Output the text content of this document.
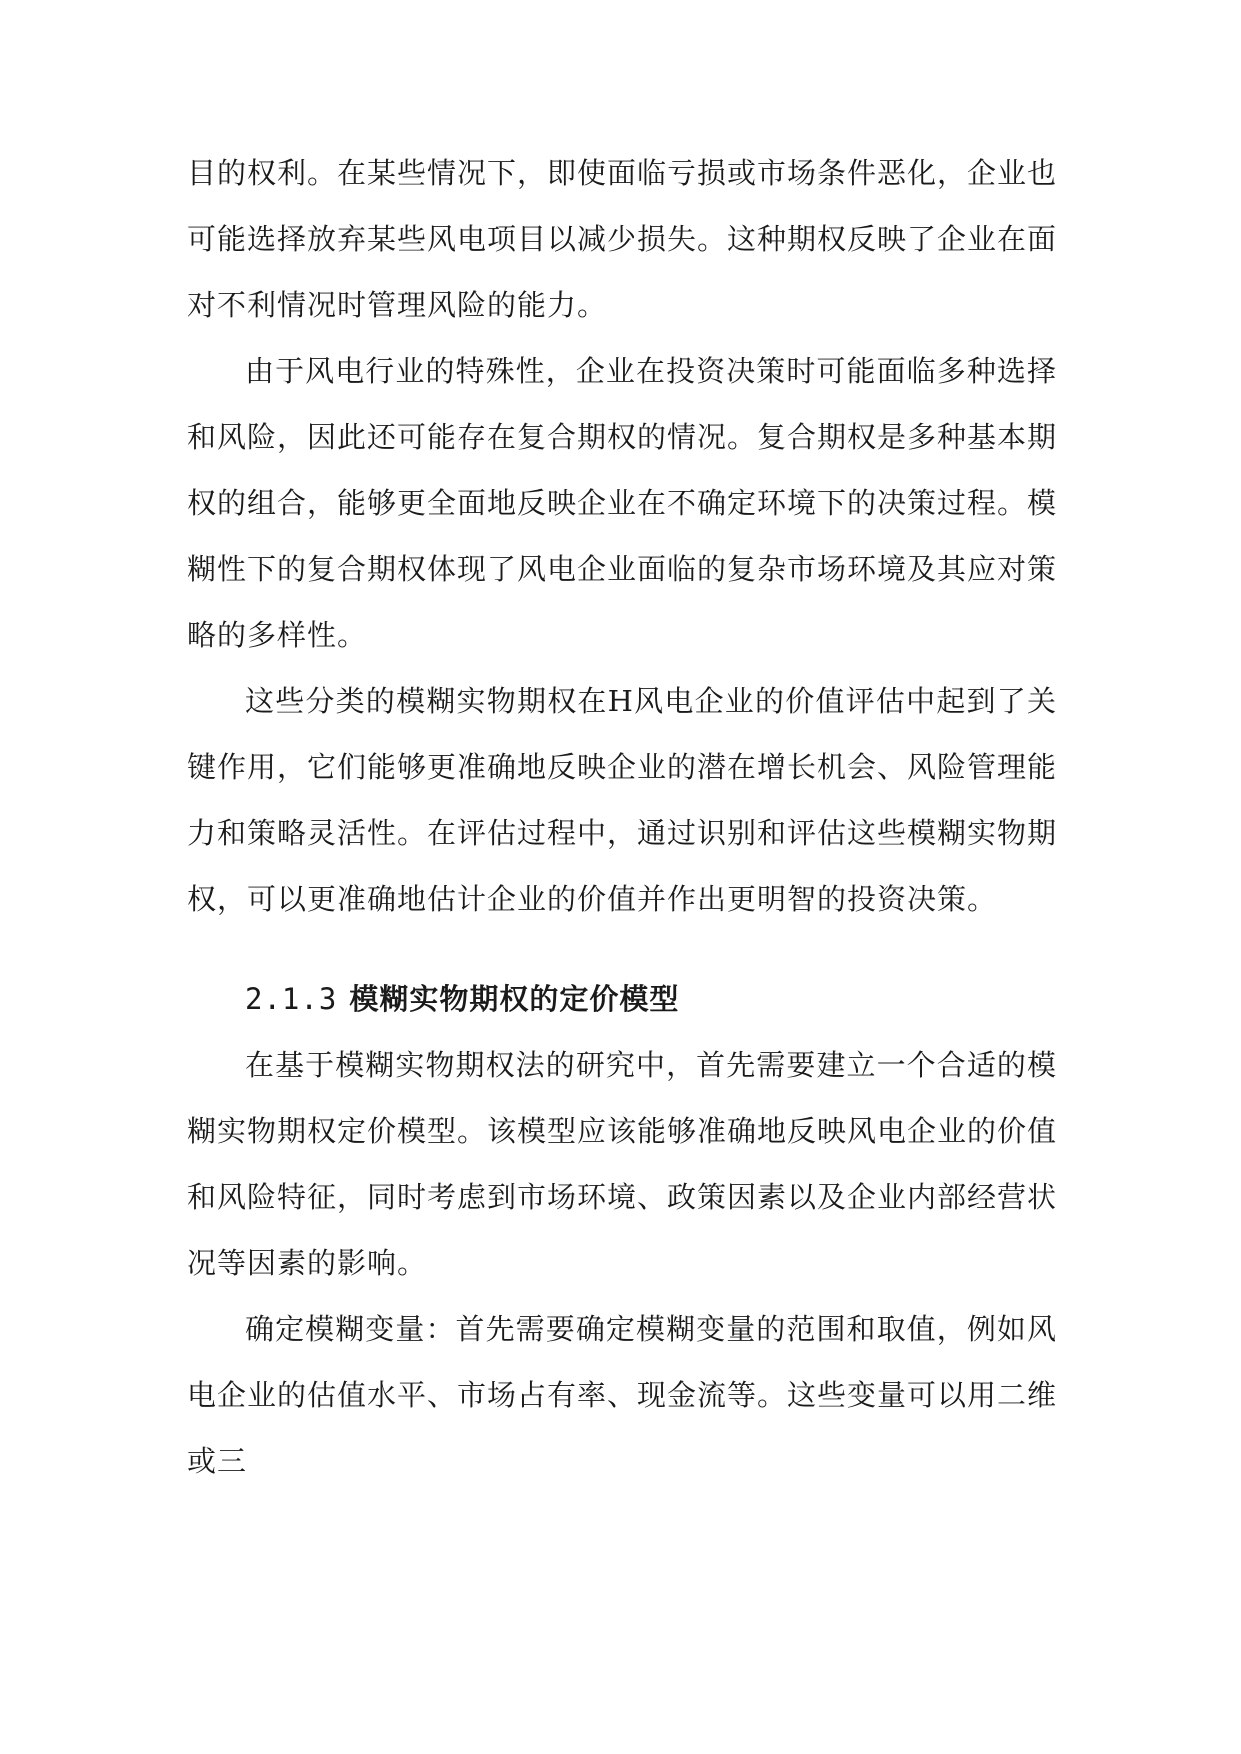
目的权利。在某些情况下，即使面临亏损或市场条件恶化，企业也可能选择放弃某些风电项目以减少损失。这种期权反映了企业在面对不利情况时管理风险的能力。

由于风电行业的特殊性，企业在投资决策时可能面临多种选择和风险，因此还可能存在复合期权的情况。复合期权是多种基本期权的组合，能够更全面地反映企业在不确定环境下的决策过程。模糊性下的复合期权体现了风电企业面临的复杂市场环境及其应对策略的多样性。

这些分类的模糊实物期权在H风电企业的价值评估中起到了关键作用，它们能够更准确地反映企业的潜在增长机会、风险管理能力和策略灵活性。在评估过程中，通过识别和评估这些模糊实物期权，可以更准确地估计企业的价值并作出更明智的投资决策。

2.1.3 模糊实物期权的定价模型

在基于模糊实物期权法的研究中，首先需要建立一个合适的模糊实物期权定价模型。该模型应该能够准确地反映风电企业的价值和风险特征，同时考虑到市场环境、政策因素以及企业内部经营状况等因素的影响。

确定模糊变量：首先需要确定模糊变量的范围和取值，例如风电企业的估值水平、市场占有率、现金流等。这些变量可以用二维或三
